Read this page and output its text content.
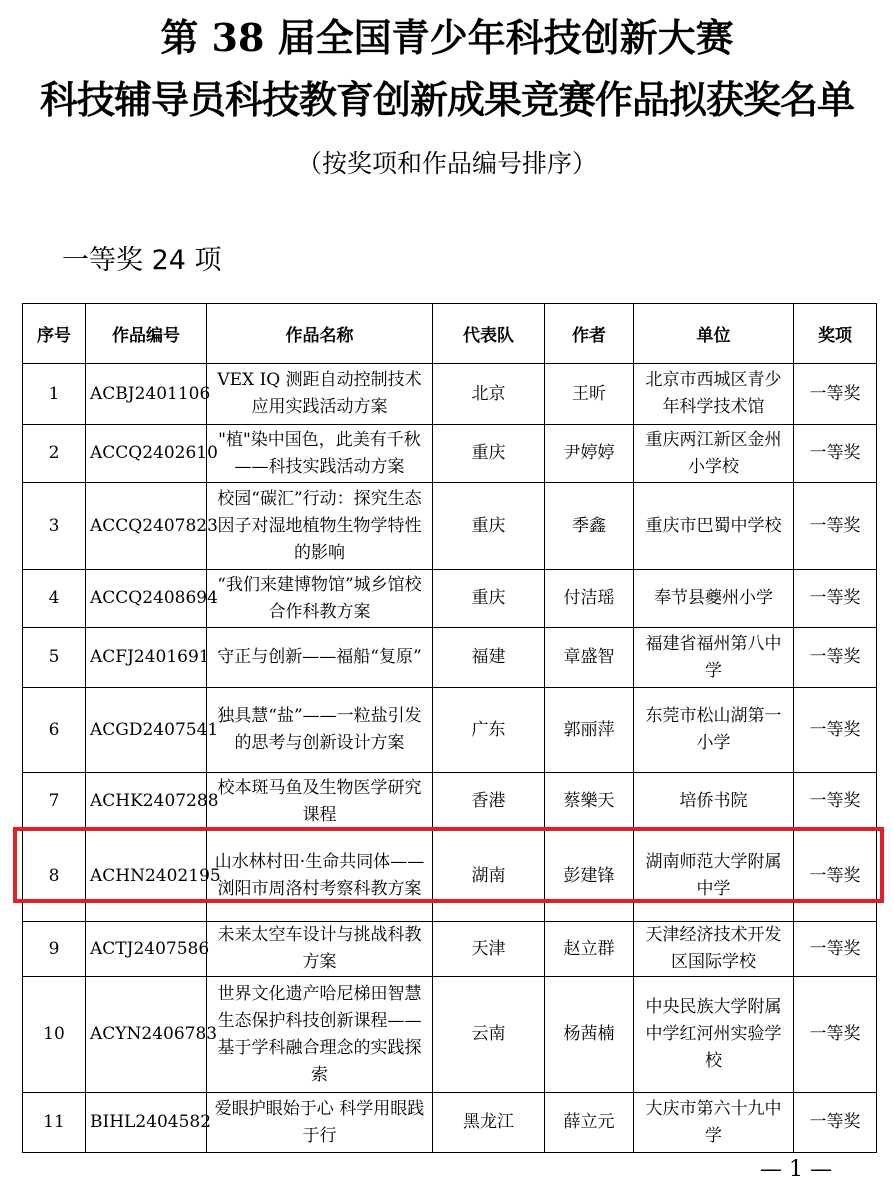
第 38 届全国青少年科技创新大赛
科技辅导员科技教育创新成果竞赛作品拟获奖名单
（按奖项和作品编号排序）
一等奖 24 项
序号	作品编号	作品名称	代表队	作者	单位	奖项
1	ACBJ2401106	VEX IQ 测距自动控制技术应用实践活动方案	北京	王昕	北京市西城区青少年科学技术馆	一等奖
2	ACCQ2402610	"植"染中国色，此美有千秋——科技实践活动方案	重庆	尹婷婷	重庆两江新区金州小学校	一等奖
3	ACCQ2407823	校园“碳汇”行动：探究生态因子对湿地植物生物学特性的影响	重庆	季鑫	重庆市巴蜀中学校	一等奖
4	ACCQ2408694	“我们来建博物馆”城乡馆校合作科教方案	重庆	付洁瑶	奉节县夔州小学	一等奖
5	ACFJ2401691	守正与创新——福船“复原”	福建	章盛智	福建省福州第八中学	一等奖
6	ACGD2407541	独具慧“盐”——一粒盐引发的思考与创新设计方案	广东	郭丽萍	东莞市松山湖第一小学	一等奖
7	ACHK2407288	校本斑马鱼及生物医学研究课程	香港	蔡樂天	培侨书院	一等奖
8	ACHN2402195	山水林村田·生命共同体——浏阳市周洛村考察科教方案	湖南	彭建锋	湖南师范大学附属中学	一等奖
9	ACTJ2407586	未来太空车设计与挑战科教方案	天津	赵立群	天津经济技术开发区国际学校	一等奖
10	ACYN2406783	世界文化遗产哈尼梯田智慧生态保护科技创新课程——基于学科融合理念的实践探索	云南	杨茜楠	中央民族大学附属中学红河州实验学校	一等奖
11	BIHL2404582	爱眼护眼始于心 科学用眼践于行	黑龙江	薛立元	大庆市第六十九中学	一等奖
— 1 —
